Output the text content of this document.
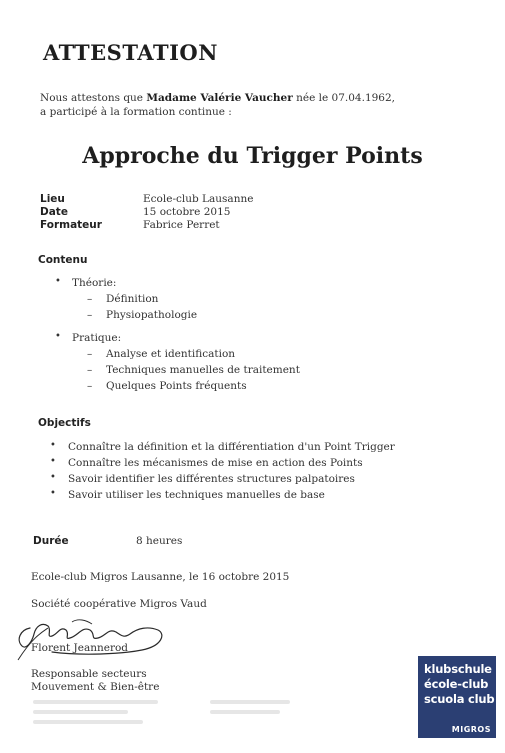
ATTESTATION
Nous attestons que Madame Valérie Vaucher née le 07.04.1962,
a participé à la formation continue :
Approche du Trigger Points
Lieu	Ecole-club Lausanne
Date	15 octobre 2015
Formateur	Fabrice Perret
Contenu
• Théorie:
– Définition
– Physiopathologie
• Pratique:
– Analyse et identification
– Techniques manuelles de traitement
– Quelques Points fréquents
Objectifs
• Connaître la définition et la différentiation d'un Point Trigger
• Connaître les mécanismes de mise en action des Points
• Savoir identifier les différentes structures palpatoires
• Savoir utiliser les techniques manuelles de base
Durée	8 heures
Ecole-club Migros Lausanne, le 16 octobre 2015
Société coopérative Migros Vaud
Florent Jeannerod
Responsable secteurs
Mouvement & Bien-être
klubschule
école-club
scuola club
MIGROS
